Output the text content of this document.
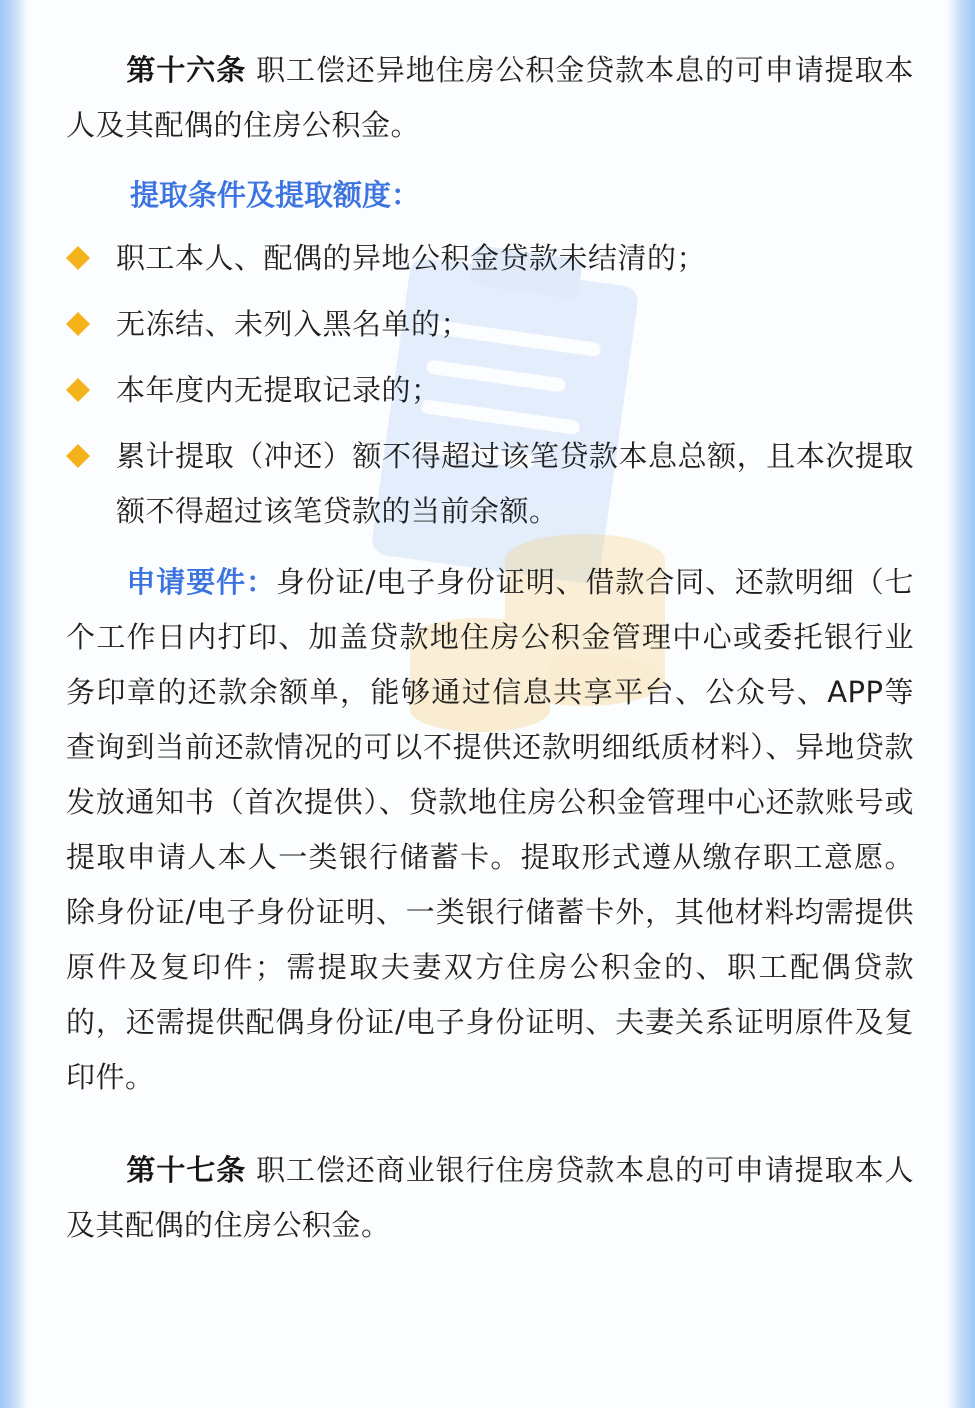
第十六条 职工偿还异地住房公积金贷款本息的可申请提取本人及其配偶的住房公积金。
提取条件及提取额度：
职工本人、配偶的异地公积金贷款未结清的；
无冻结、未列入黑名单的；
本年度内无提取记录的；
累计提取（冲还）额不得超过该笔贷款本息总额，且本次提取额不得超过该笔贷款的当前余额。
申请要件：身份证/电子身份证明、借款合同、还款明细（七个工作日内打印、加盖贷款地住房公积金管理中心或委托银行业务印章的还款余额单，能够通过信息共享平台、公众号、APP等查询到当前还款情况的可以不提供还款明细纸质材料）、异地贷款发放通知书（首次提供）、贷款地住房公积金管理中心还款账号或提取申请人本人一类银行储蓄卡。提取形式遵从缴存职工意愿。除身份证/电子身份证明、一类银行储蓄卡外，其他材料均需提供原件及复印件；需提取夫妻双方住房公积金的、职工配偶贷款的，还需提供配偶身份证/电子身份证明、夫妻关系证明原件及复印件。
第十七条 职工偿还商业银行住房贷款本息的可申请提取本人及其配偶的住房公积金。
